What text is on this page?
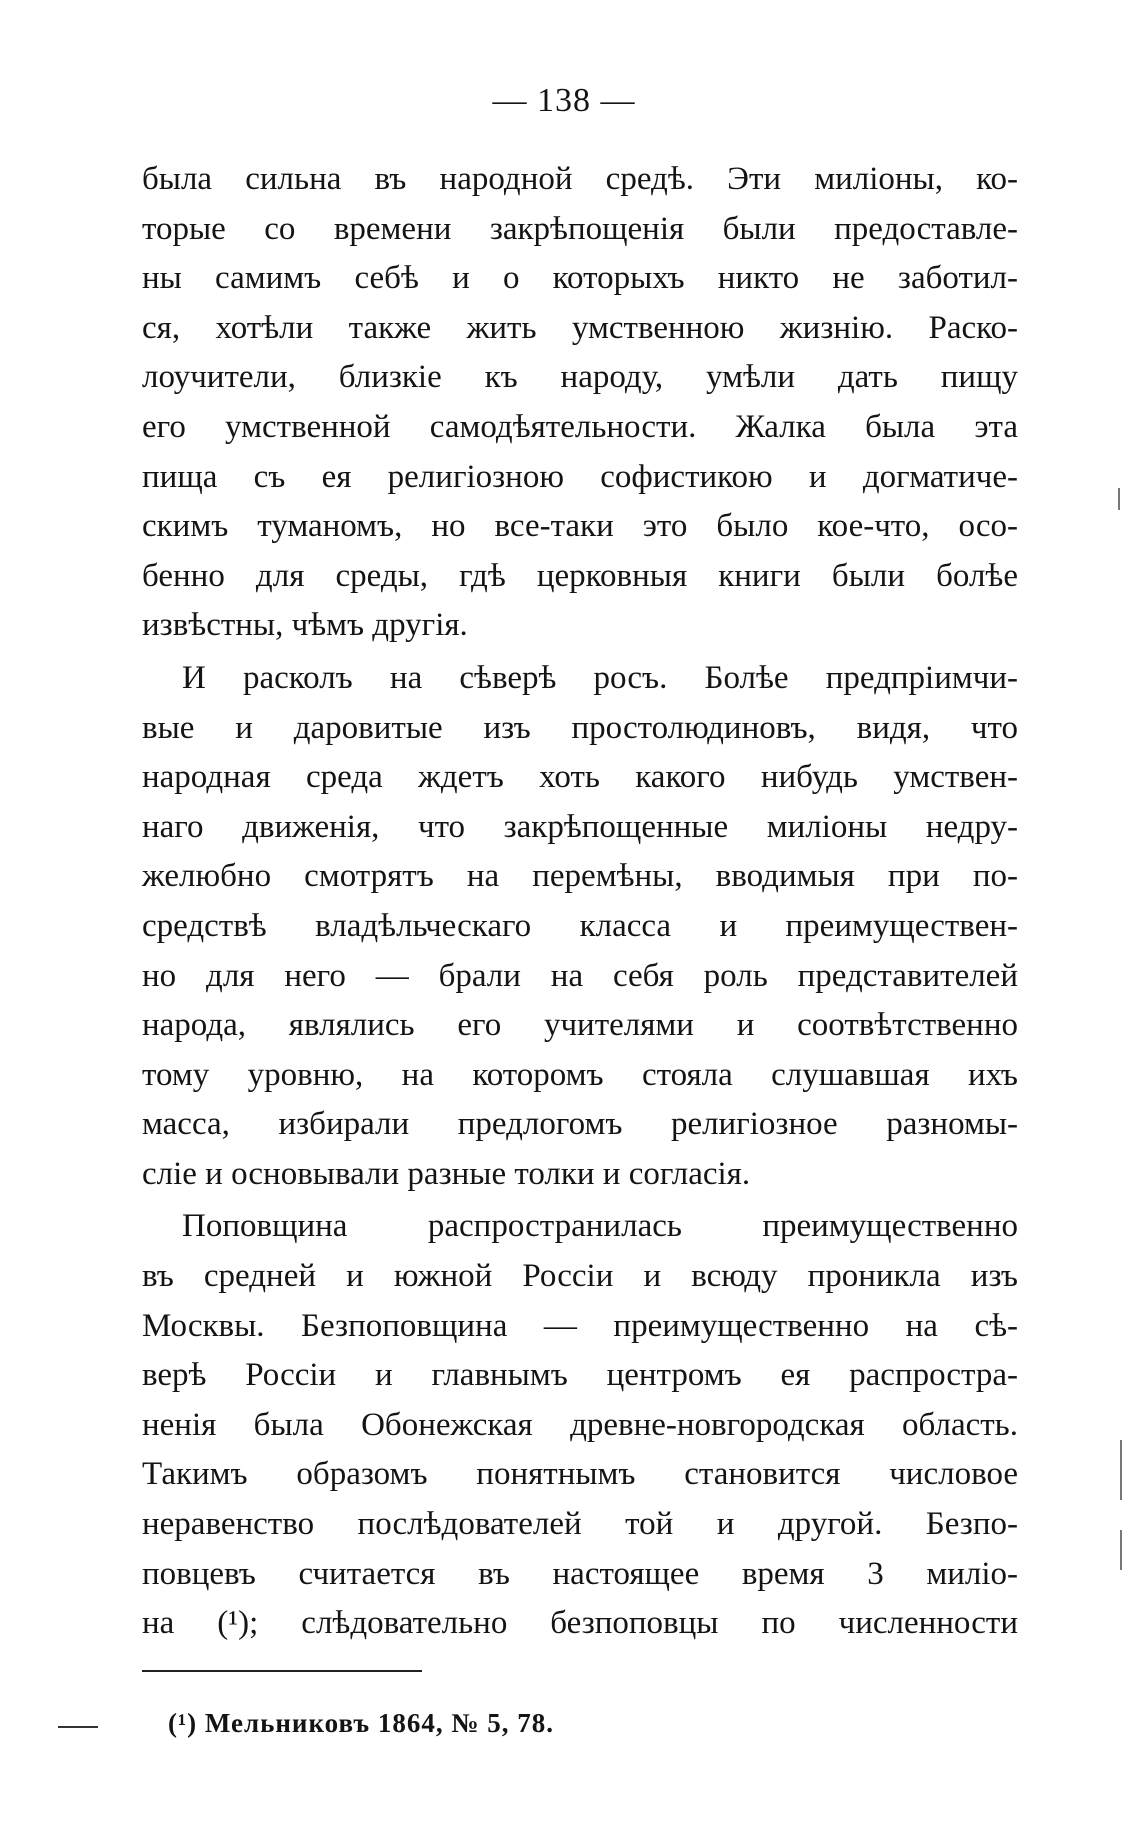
— 138 —
была сильна въ народной средѣ. Эти милiоны, ко-
торые со времени закрѣпощенiя были предоставле-
ны самимъ себѣ и о которыхъ никто не заботил-
ся, хотѣли также жить умственною жизнiю. Раско-
лоучители, близкiе къ народу, умѣли дать пищу
его умственной самодѣятельности. Жалка была эта
пища съ ея религiозною софистикою и догматиче-
скимъ туманомъ, но все-таки это было кое-что, осо-
бенно для среды, гдѣ церковныя книги были болѣе
извѣстны, чѣмъ другiя.
И расколъ на сѣверѣ росъ. Болѣе предпрiимчи-
вые и даровитые изъ простолюдиновъ, видя, что
народная среда ждетъ хоть какого нибудь умствен-
наго движенiя, что закрѣпощенные милiоны недру-
желюбно смотрятъ на перемѣны, вводимыя при по-
средствѣ владѣльческаго класса и преимуществен-
но для него — брали на себя роль представителей
народа, являлись его учителями и соотвѣтственно
тому уровню, на которомъ стояла слушавшая ихъ
масса, избирали предлогомъ религiозное разномы-
слiе и основывали разные толки и согласiя.
Поповщина распространилась преимущественно
въ средней и южной Россiи и всюду проникла изъ
Москвы. Безпоповщина — преимущественно на сѣ-
верѣ Россiи и главнымъ центромъ ея распростра-
ненiя была Обонежская древне-новгородская область.
Такимъ образомъ понятнымъ становится числовое
неравенство послѣдователей той и другой. Безпо-
повцевъ считается въ настоящее время 3 милiо-
на (¹); слѣдовательно безпоповцы по численности
(¹) Мельниковъ 1864, № 5, 78.
